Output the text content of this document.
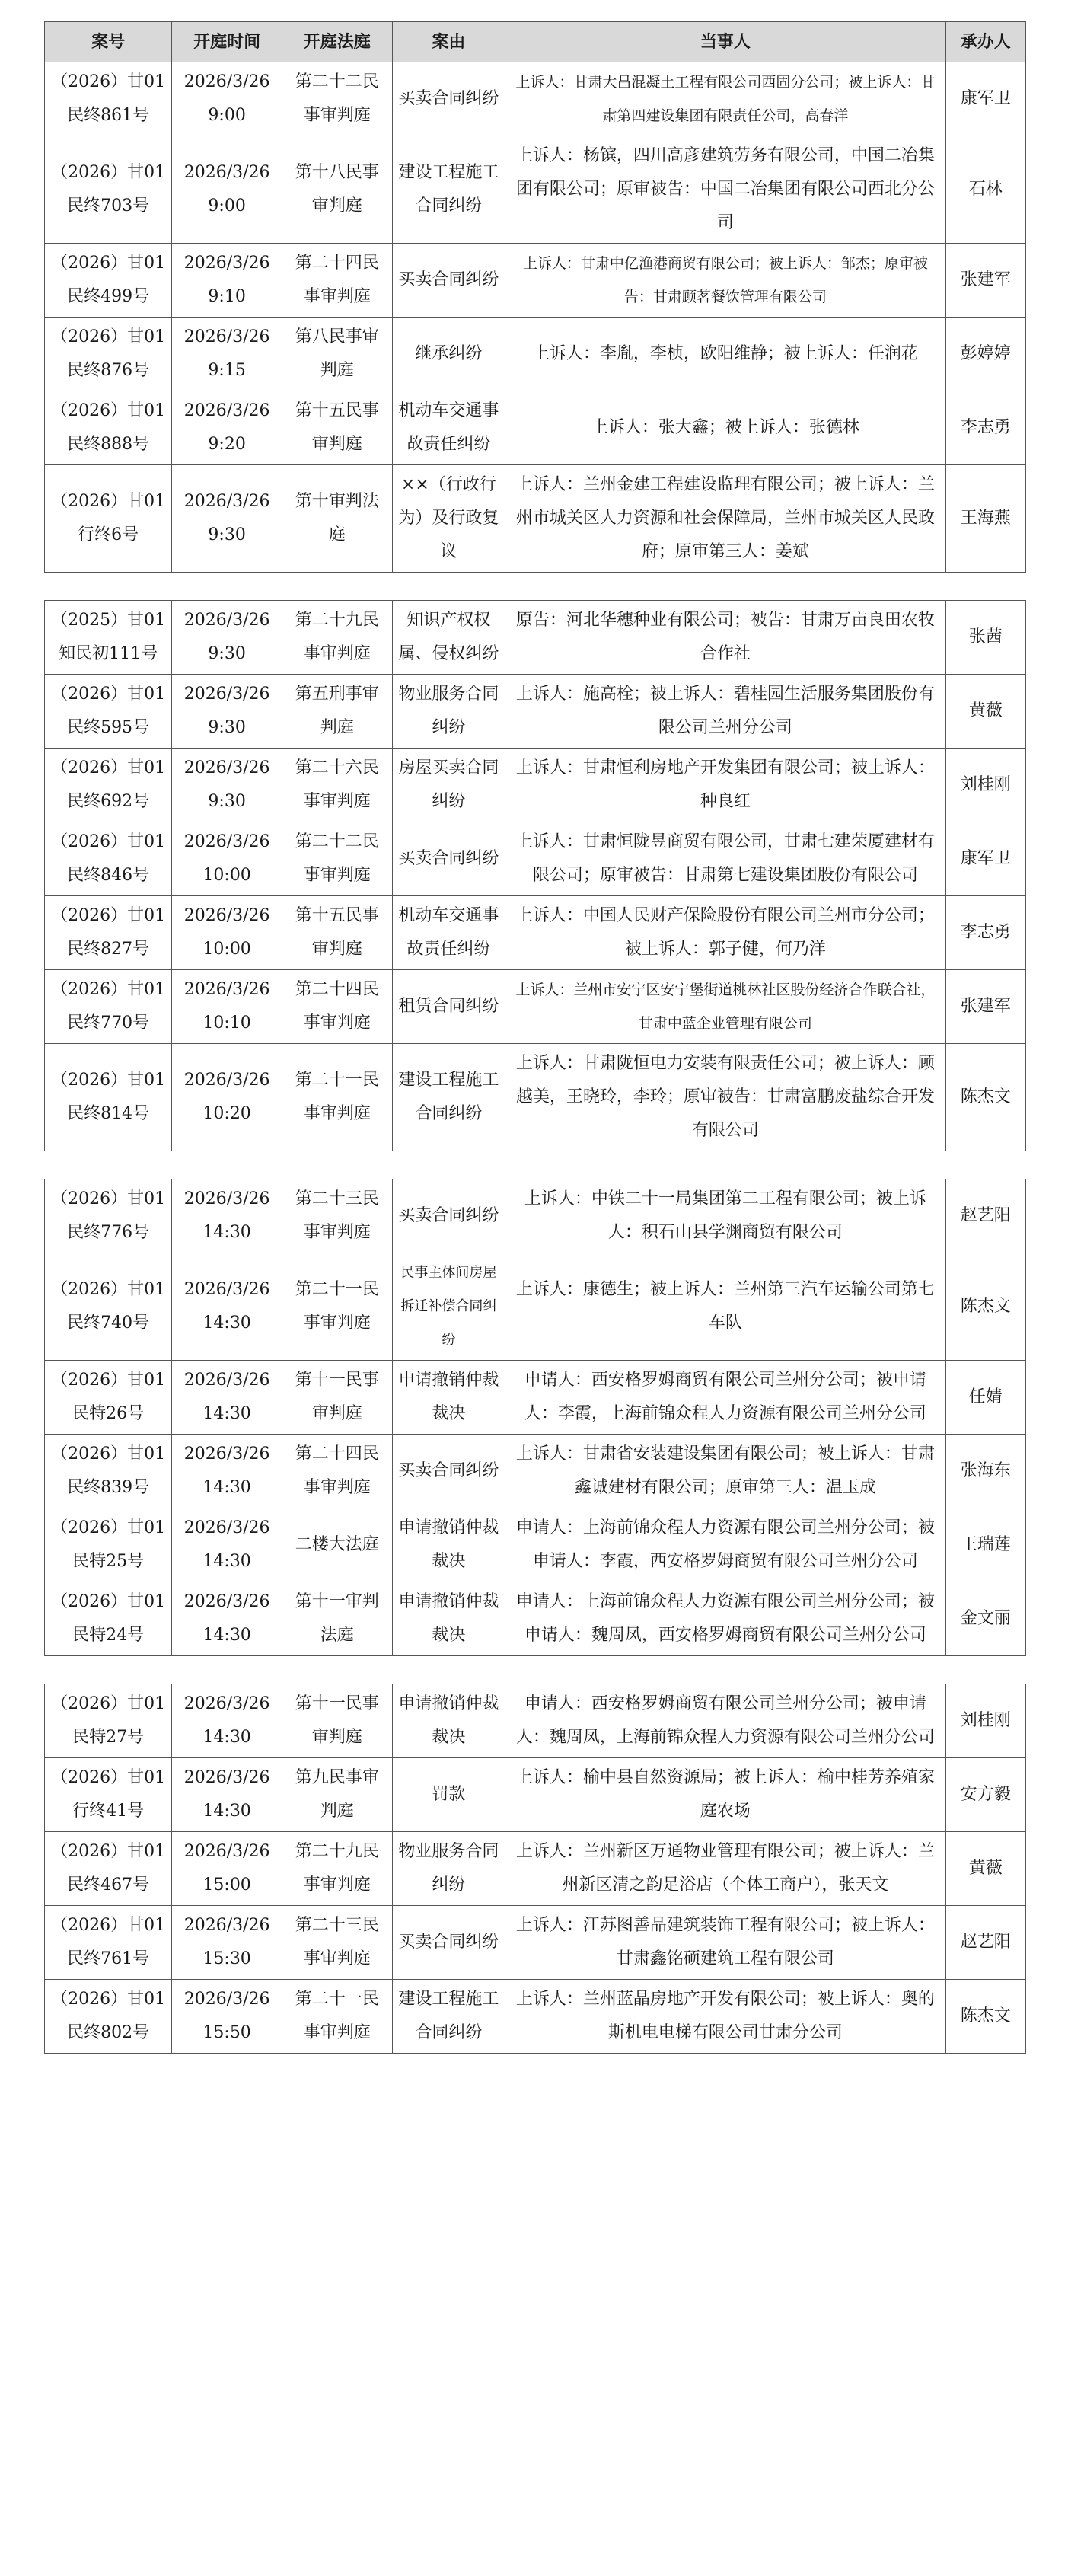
案号	开庭时间	开庭法庭	案由	当事人	承办人
（2026）甘01民终861号	2026/3/26 9:00	第二十二民事审判庭	买卖合同纠纷	上诉人：甘肃大昌混凝土工程有限公司西固分公司；被上诉人：甘肃第四建设集团有限责任公司，高春洋	康军卫
（2026）甘01民终703号	2026/3/26 9:00	第十八民事审判庭	建设工程施工合同纠纷	上诉人：杨镔，四川高彦建筑劳务有限公司，中国二冶集团有限公司；原审被告：中国二冶集团有限公司西北分公司	石林
（2026）甘01民终499号	2026/3/26 9:10	第二十四民事审判庭	买卖合同纠纷	上诉人：甘肃中亿渔港商贸有限公司；被上诉人：邹杰；原审被告：甘肃顾茗餐饮管理有限公司	张建军
（2026）甘01民终876号	2026/3/26 9:15	第八民事审判庭	继承纠纷	上诉人：李胤，李桢，欧阳维静；被上诉人：任润花	彭婷婷
（2026）甘01民终888号	2026/3/26 9:20	第十五民事审判庭	机动车交通事故责任纠纷	上诉人：张大鑫；被上诉人：张德林	李志勇
（2026）甘01行终6号	2026/3/26 9:30	第十审判法庭	××（行政行为）及行政复议	上诉人：兰州金建工程建设监理有限公司；被上诉人：兰州市城关区人力资源和社会保障局，兰州市城关区人民政府；原审第三人：姜斌	王海燕

（2025）甘01知民初111号	2026/3/26 9:30	第二十九民事审判庭	知识产权权属、侵权纠纷	原告：河北华穗种业有限公司；被告：甘肃万亩良田农牧合作社	张茜
（2026）甘01民终595号	2026/3/26 9:30	第五刑事审判庭	物业服务合同纠纷	上诉人：施高栓；被上诉人：碧桂园生活服务集团股份有限公司兰州分公司	黄薇
（2026）甘01民终692号	2026/3/26 9:30	第二十六民事审判庭	房屋买卖合同纠纷	上诉人：甘肃恒利房地产开发集团有限公司；被上诉人：种良红	刘桂刚
（2026）甘01民终846号	2026/3/26 10:00	第二十二民事审判庭	买卖合同纠纷	上诉人：甘肃恒陇昱商贸有限公司，甘肃七建荣厦建材有限公司；原审被告：甘肃第七建设集团股份有限公司	康军卫
（2026）甘01民终827号	2026/3/26 10:00	第十五民事审判庭	机动车交通事故责任纠纷	上诉人：中国人民财产保险股份有限公司兰州市分公司；被上诉人：郭子健，何乃洋	李志勇
（2026）甘01民终770号	2026/3/26 10:10	第二十四民事审判庭	租赁合同纠纷	上诉人：兰州市安宁区安宁堡街道桃林社区股份经济合作联合社，甘肃中蓝企业管理有限公司	张建军
（2026）甘01民终814号	2026/3/26 10:20	第二十一民事审判庭	建设工程施工合同纠纷	上诉人：甘肃陇恒电力安装有限责任公司；被上诉人：顾越美，王晓玲，李玲；原审被告：甘肃富鹏废盐综合开发有限公司	陈杰文

（2026）甘01民终776号	2026/3/26 14:30	第二十三民事审判庭	买卖合同纠纷	上诉人：中铁二十一局集团第二工程有限公司；被上诉人：积石山县学渊商贸有限公司	赵艺阳
（2026）甘01民终740号	2026/3/26 14:30	第二十一民事审判庭	民事主体间房屋拆迁补偿合同纠纷	上诉人：康德生；被上诉人：兰州第三汽车运输公司第七车队	陈杰文
（2026）甘01民特26号	2026/3/26 14:30	第十一民事审判庭	申请撤销仲裁裁决	申请人：西安格罗姆商贸有限公司兰州分公司；被申请人：李霞，上海前锦众程人力资源有限公司兰州分公司	任婧
（2026）甘01民终839号	2026/3/26 14:30	第二十四民事审判庭	买卖合同纠纷	上诉人：甘肃省安装建设集团有限公司；被上诉人：甘肃鑫诚建材有限公司；原审第三人：温玉成	张海东
（2026）甘01民特25号	2026/3/26 14:30	二楼大法庭	申请撤销仲裁裁决	申请人：上海前锦众程人力资源有限公司兰州分公司；被申请人：李霞，西安格罗姆商贸有限公司兰州分公司	王瑞莲
（2026）甘01民特24号	2026/3/26 14:30	第十一审判法庭	申请撤销仲裁裁决	申请人：上海前锦众程人力资源有限公司兰州分公司；被申请人：魏周凤，西安格罗姆商贸有限公司兰州分公司	金文丽

（2026）甘01民特27号	2026/3/26 14:30	第十一民事审判庭	申请撤销仲裁裁决	申请人：西安格罗姆商贸有限公司兰州分公司；被申请人：魏周凤，上海前锦众程人力资源有限公司兰州分公司	刘桂刚
（2026）甘01行终41号	2026/3/26 14:30	第九民事审判庭	罚款	上诉人：榆中县自然资源局；被上诉人：榆中桂芳养殖家庭农场	安方毅
（2026）甘01民终467号	2026/3/26 15:00	第二十九民事审判庭	物业服务合同纠纷	上诉人：兰州新区万通物业管理有限公司；被上诉人：兰州新区清之韵足浴店（个体工商户），张天文	黄薇
（2026）甘01民终761号	2026/3/26 15:30	第二十三民事审判庭	买卖合同纠纷	上诉人：江苏图善品建筑装饰工程有限公司；被上诉人：甘肃鑫铭硕建筑工程有限公司	赵艺阳
（2026）甘01民终802号	2026/3/26 15:50	第二十一民事审判庭	建设工程施工合同纠纷	上诉人：兰州蓝晶房地产开发有限公司；被上诉人：奥的斯机电电梯有限公司甘肃分公司	陈杰文
